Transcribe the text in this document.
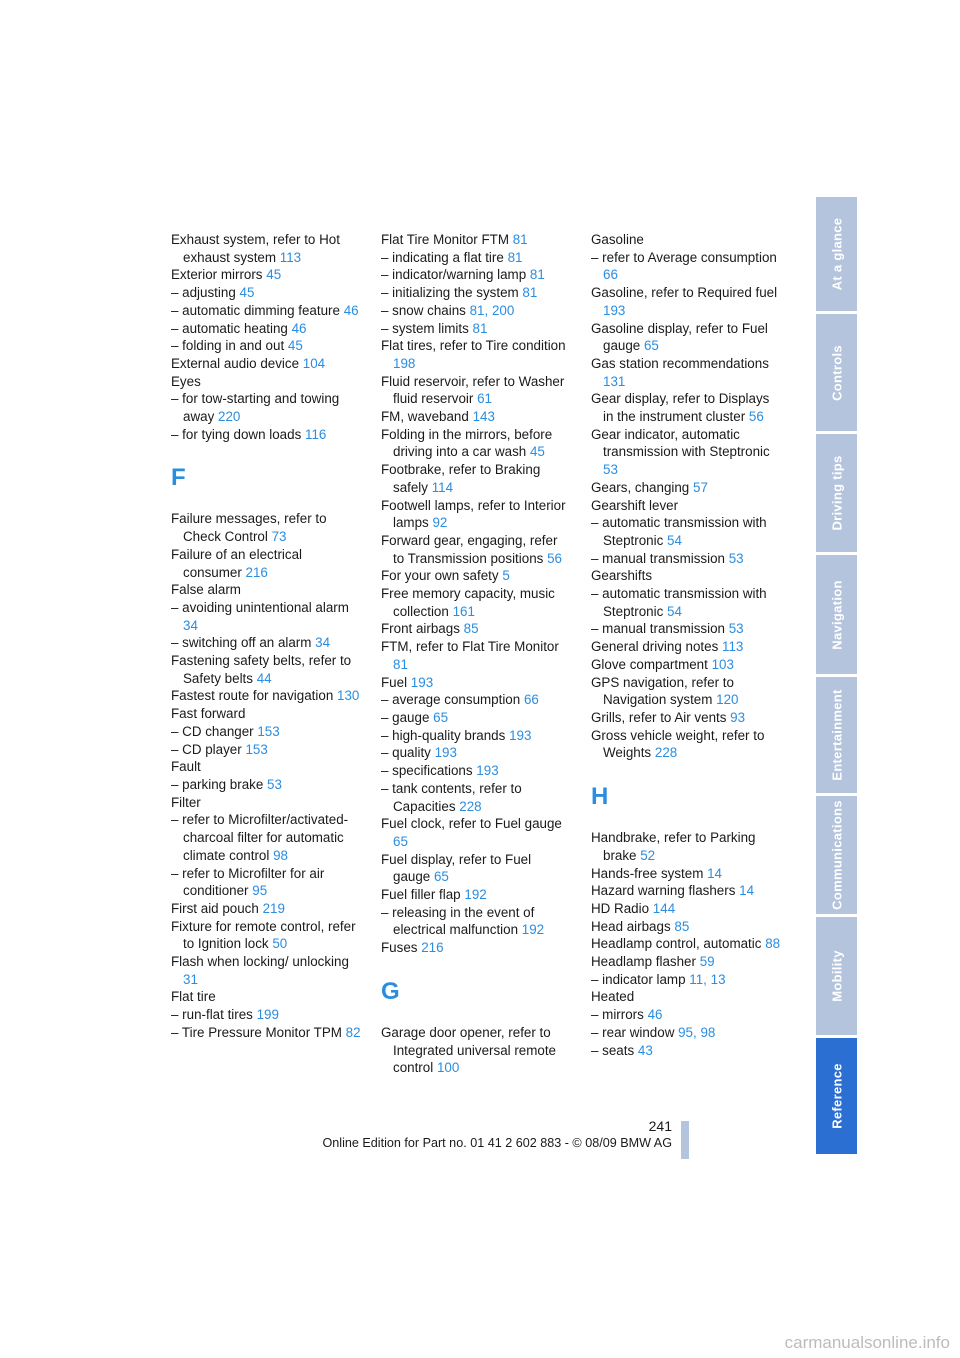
Exhaust system, refer to Hot exhaust system 113
Exterior mirrors 45
– adjusting 45
– automatic dimming feature 46
– automatic heating 46
– folding in and out 45
External audio device 104
Eyes
– for tow-starting and towing away 220
– for tying down loads 116
F
Failure messages, refer to Check Control 73
Failure of an electrical consumer 216
False alarm
– avoiding unintentional alarm 34
– switching off an alarm 34
Fastening safety belts, refer to Safety belts 44
Fastest route for navigation 130
Fast forward
– CD changer 153
– CD player 153
Fault
– parking brake 53
Filter
– refer to Microfilter/activated-charcoal filter for automatic climate control 98
– refer to Microfilter for air conditioner 95
First aid pouch 219
Fixture for remote control, refer to Ignition lock 50
Flash when locking/ unlocking 31
Flat tire
– run-flat tires 199
– Tire Pressure Monitor TPM 82
Flat Tire Monitor FTM 81
– indicating a flat tire 81
– indicator/warning lamp 81
– initializing the system 81
– snow chains 81, 200
– system limits 81
Flat tires, refer to Tire condition 198
Fluid reservoir, refer to Washer fluid reservoir 61
FM, waveband 143
Folding in the mirrors, before driving into a car wash 45
Footbrake, refer to Braking safely 114
Footwell lamps, refer to Interior lamps 92
Forward gear, engaging, refer to Transmission positions 56
For your own safety 5
Free memory capacity, music collection 161
Front airbags 85
FTM, refer to Flat Tire Monitor 81
Fuel 193
– average consumption 66
– gauge 65
– high-quality brands 193
– quality 193
– specifications 193
– tank contents, refer to Capacities 228
Fuel clock, refer to Fuel gauge 65
Fuel display, refer to Fuel gauge 65
Fuel filler flap 192
– releasing in the event of electrical malfunction 192
Fuses 216
G
Garage door opener, refer to Integrated universal remote control 100
Gasoline
– refer to Average consumption 66
Gasoline, refer to Required fuel 193
Gasoline display, refer to Fuel gauge 65
Gas station recommendations 131
Gear display, refer to Displays in the instrument cluster 56
Gear indicator, automatic transmission with Steptronic 53
Gears, changing 57
Gearshift lever
– automatic transmission with Steptronic 54
– manual transmission 53
Gearshifts
– automatic transmission with Steptronic 54
– manual transmission 53
General driving notes 113
Glove compartment 103
GPS navigation, refer to Navigation system 120
Grills, refer to Air vents 93
Gross vehicle weight, refer to Weights 228
H
Handbrake, refer to Parking brake 52
Hands-free system 14
Hazard warning flashers 14
HD Radio 144
Head airbags 85
Headlamp control, automatic 88
Headlamp flasher 59
– indicator lamp 11, 13
Heated
– mirrors 46
– rear window 95, 98
– seats 43
At a glance
Controls
Driving tips
Navigation
Entertainment
Communications
Mobility
Reference
241
Online Edition for Part no. 01 41 2 602 883 - © 08/09 BMW AG
carmanualsonline.info
